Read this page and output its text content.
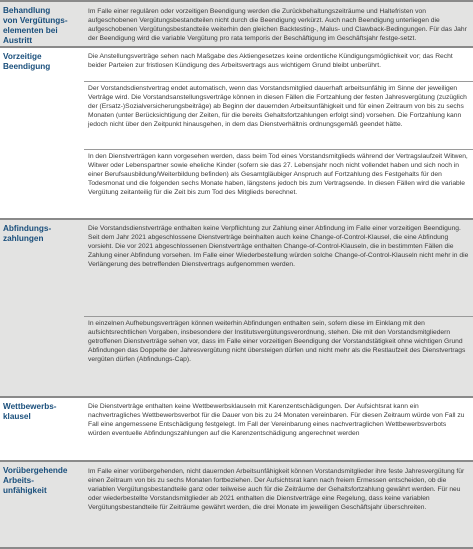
Behandlung
von Vergütungs-
elementen bei
Austritt

Im Falle einer regulären oder vorzeitigen Beendigung werden die Zurückbehaltungszeiträume und Haltefristen von aufgeschobenen Vergütungsbestandteilen nicht durch die Beendigung verkürzt. Auch nach Beendigung unterliegen die aufgeschobenen Vergütungsbestandteile weiterhin den gleichen Backtesting-, Malus- und Clawback-Bedingungen. Für das Jahr der Beendigung wird die variable Vergütung pro rata temporis der Beschäftigung im Geschäftsjahr festge-setzt.

Vorzeitige
Beendigung

Die Anstellungsverträge sehen nach Maßgabe des Aktiengesetzes keine ordentliche Kündigungsmöglichkeit vor; das Recht beider Parteien zur fristlosen Kündigung des Arbeitsvertrags aus wichtigem Grund bleibt unberührt.

Der Vorstandsdienstvertrag endet automatisch, wenn das Vorstandsmitglied dauerhaft arbeitsunfähig im Sinne der jeweiligen Verträge wird. Die Vorstandsanstellungsverträge können in diesen Fällen die Fortzahlung der festen Jahresvergütung (zuzüglich der (Ersatz-)Sozialversicherungsbeiträge) ab Beginn der dauernden Arbeitsunfähigkeit und für einen Zeitraum von bis zu sechs Monaten (unter Berücksichtigung der Zeiten, für die bereits Gehaltsfortzahlungen erfolgt sind) vorsehen. Die Fortzahlung kann jedoch nicht über den Zeitpunkt hinausgehen, in dem das Dienstverhältnis ordnungsgemäß geendet hätte.

In den Dienstverträgen kann vorgesehen werden, dass beim Tod eines Vorstandsmitglieds während der Vertragslaufzeit Witwen, Witwer oder Lebenspartner sowie eheliche Kinder (sofern sie das 27. Lebensjahr noch nicht vollendet haben und sich noch in einer Berufsausbildung/Weiterbildung befinden) als Gesamtgläubiger Anspruch auf Fortzahlung des Festgehalts für den Todesmonat und die folgenden sechs Monate haben, längstens jedoch bis zum Vertragsende. In diesen Fällen wird die variable Vergütung zeitanteilig für die Zeit bis zum Tod des Mitglieds berechnet.

Abfindungs-
zahlungen

Die Vorstandsdienstverträge enthalten keine Verpflichtung zur Zahlung einer Abfindung im Falle einer vorzeitigen Beendigung. Seit dem Jahr 2021 abgeschlossene Dienstverträge beinhalten auch keine Change-of-Control-Klausel, die eine Abfindung vorsieht. Die vor 2021 abgeschlossenen Dienstverträge enthalten Change-of-Control-Klauseln, die in bestimmten Fällen die Zahlung einer Abfindung vorsehen. Im Falle einer Wiederbestellung würden solche Change-of-Control-Klauseln nicht mehr in die Verlängerung des betreffenden Dienstvertrags aufgenommen werden.

In einzelnen Aufhebungsverträgen können weiterhin Abfindungen enthalten sein, sofern diese im Einklang mit den aufsichtsrechtlichen Vorgaben, insbesondere der Institutsvergütungsverordnung, stehen. Die mit den Vorstandsmitgliedern getroffenen Dienstverträge sehen vor, dass im Falle einer vorzeitigen Beendigung der Vorstandstätigkeit ohne wichtigen Grund Abfindungen das Doppelte der Jahresvergütung nicht übersteigen dürfen und nicht mehr als die Restlaufzeit des Dienstvertrags vergüten dürfen (Abfindungs-Cap).

Wettbewerbs-
klausel

Die Dienstverträge enthalten keine Wettbewerbsklauseln mit Karenzentschädigungen. Der Aufsichtsrat kann ein nachvertragliches Wettbewerbsverbot für die Dauer von bis zu 24 Monaten vereinbaren. Für diesen Zeitraum würde von Fall zu Fall eine angemessene Entschädigung festgelegt. Im Fall der Vereinbarung eines nachvertraglichen Wettbewerbsverbots würden eventuelle Abfindungszahlungen auf die Karenzentschädigung angerechnet werden

Vorübergehende
Arbeits-
unfähigkeit

Im Falle einer vorübergehenden, nicht dauernden Arbeitsunfähigkeit können Vorstandsmitglieder ihre feste Jahresvergütung für einen Zeitraum von bis zu sechs Monaten fortbeziehen. Der Aufsichtsrat kann nach freiem Ermessen entscheiden, ob die variablen Vergütungsbestandteile ganz oder teilweise auch für die Zeiträume der Gehaltsfortzahlung gewährt werden. Für neu oder wiederbestellte Vorstandsmitglieder ab 2021 enthalten die Dienstverträge eine Regelung, dass keine variablen Vergütungsbestandteile für Zeiträume gewährt werden, die drei Monate im jeweiligen Geschäftsjahr überschreiten.
